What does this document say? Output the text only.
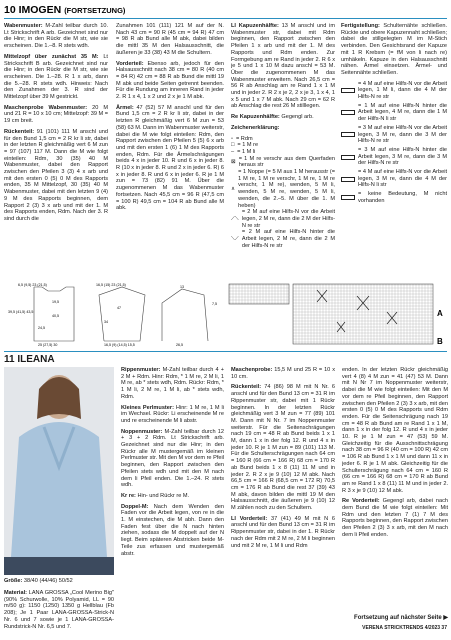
10 IMOGEN (FORTSETZUNG)

Wabenmuster: M-Zahl teilbar durch 10. Lt Strickschrift A arb. Gezeichnet sind nur die Hinr; in den Rückr die M str, wie sie erscheinen. Die 1.–8. R stets wdh.

Mittelzopf über zunächst 35 M: Lt Strickschrift B arb. Gezeichnet sind nur die Hinr; in den Rückr die M str, wie sie erscheinen. Die 1.–28. R 1 x arb, dann die 5.–28. R stets wdh. Hinweis: Nach den Zunahmen der 3. R sind der Mittelzopf über 39 M gestrickt.

Maschenprobe Wabenmuster: 20 M und 21 R = 10 x 10 cm; Mittelzopf: 39 M = 19 cm breit.

Rückenteil: 91 (101) 111 M anschl und für den Bund 1,5 cm = 2 R kr li str, dabei in der letzten R gleichmäßig vert 6 M zun = 97 (107) 117 M. Dann die M wie folgt einteilen: Rdm, 30 (35) 40 M Wabenmuster, dabei den Rapport zwischen den Pfeilen 3 (3) 4 x arb und mit den ersten 0 (5) 0 M des Rapports enden, 35 M Mittelzopf, 30 (35) 40 M Wabenmuster, dabei mit den letzten 9 (4) 9 M des Rapports beginnen, dem Rapport 2 (3) 3 x arb und mit der 1. M des Rapports enden, Rdm. Nach der 3. R sind durch die

Zunahmen 101 (111) 121 M auf der N. Nach 43 cm = 90 R (45 cm = 94 R) 47 cm = 98 R ab Bund alle M abk, dabei bilden die mittl 35 M den Halsausschnitt, die äußeren je 33 (38) 43 M die Schultern.

Vorderteil: Ebenso arb, jedoch für den Halsausschnitt nach 38 cm = 80 R (40 cm = 84 R) 42 cm = 88 R ab Bund die mittl 19 M abk und beide Seiten getrennt beenden. Für die Rundung am inneren Rand in jeder 2. R 1 x 4, 1 x 2 und 2 x je 1 M abk.

Ärmel: 47 (52) 57 M anschl und für den Bund 1,5 cm = 2 R kr li str, dabei in der letzten R gleichmäßig vert 6 M zun = 53 (58) 63 M. Dann im Wabenmuster weiterstr, dabei die M wie folgt einteilen: Rdm, den Rapport zwischen den Pfeilen 5 (5) 6 x arb und mit den ersten 1 (6) 1 M des Rapports enden, Rdm. Für die Ärmelschrägungen beids 4 x in jeder 10. R und 6 x in jeder 8. R (10 x in jeder 8. R und 2 x in jeder 6. R) 6 x in jeder 8. R und 6 x in jeder 6. R je 1 M zun = 73 (82) 91 M. Über die zugenommenen M das Wabenmuster fortsetzen. Nach 45,5 cm = 96 R (47,5 cm = 100 R) 49,5 cm = 104 R ab Bund alle M abk.

Ll Kapuzenhälfte: 13 M anschl und im Wabenmuster str, dabei mit Rdm beginnen, den Rapport zwischen den Pfeilen 1 x arb und mit der 1. M des Rapports und Rdm enden. Zur Formgebung am re Rand in jeder 2. R 6 x je 5 und 1 x 10 M dazu anschl = 53 M. Über die zugenommenen M das Wabenmuster erweitern. Nach 26,5 cm = 56 R ab Anschlag am re Rand 1 x 1 M und in jeder 2. R 2 x je 2, 2 x je 3, 1 x 4, 1 x 5 und 1 x 7 M abk. Nach 29 cm = 62 R ab Anschlag die rest 26 M stilllegen.

Re Kapuzenhälfte: Gegengl arb.

Zeichenerklärung:

▫ = Rdm
□ = 1 M re
– = 1 M li
⊠
= 1 M re verschr aus dem Querfaden heraus str
∧
= 1 Noppe (= 5 M aus 1 M herausstr (= 1 M re, 1 M re verschr, 1 M re, 1 M re verschr, 1 M re), wenden, 5 M li, wenden, 5 M re, wenden, 5 M li, wenden, die 2.–5. M über die 1. M heben)
⟋⟍
= 2 M auf eine Hilfs-N vor die Arbeit legen, 2 M re, dann die 2 M der Hilfs-N re str
⟍⟋
= 2 M auf eine Hilfs-N hinter die Arbeit legen, 2 M re, dann die 2 M der Hilfs-N re str

Fertigstellung: Schulternähte schließen. Rückte und obere Kapuzennaht schließen; dabei die stillgelegten M im M-Stich verbinden. Den Gesichtsrand der Kapuze mit 1 R Krebsm (= fM von li nach re) umhäkeln. Kapuze in den Halsausschnitt nähen. Ärmel einsetzen. Ärmel- und Seitennähte schließen.

= 4 M auf eine Hilfs-N vor die Arbeit legen, 1 M li, dann die 4 M der Hilfs-N re str
= 1 M auf eine Hilfs-N hinter die Arbeit legen, 4 M re, dann die 1 M der Hilfs-N li str
= 3 M auf eine Hilfs-N vor die Arbeit legen, 3 M re, dann die 3 M der Hilfs-N re str
= 3 M auf eine Hilfs-N hinter die Arbeit legen, 3 M re, dann die 3 M der Hilfs-N re str
= 4 M auf eine Hilfs-N vor die Arbeit legen, 3 M re, dann die 4 M der Hilfs-N li str
= keine Bedeutung, M nicht vorhanden
6,5 (9,5) 23 (21,5)	16,5 (15) 23 (21,5)
39,5 (41,5) 43,5
19,5
40,5
24,5
25 (27,5) 30
47
34
16,5 (9) (14,5) 15,5
13
7,5
26,5
A
B
11 ILEANA

Größe: 38/40 (44/46) 50/52

Material: LANA GROSSA „Cool Merino Big" (90% Schurwolle, 10% Polyamid, LL = 90 m/50 g): 1150 (1250) 1350 g Hellblau (Fb 208); Je 1 Paar LANA-GROSSA-Strick-N Nr. 6 und 7 sowie je 1 LANA-GROSSA-Rundstrick-N Nr. 6,5 und 7.

Rippenmuster: M-Zahl teilbar durch 4 + 2 M + Rdm. Hinr: Rdm, * 1 M re, 2 M li, 1 M re, ab * stets wdh, Rdm. Rückr: Rdm, * 1 M li, 2 M re, 1 M li, ab * stets wdh, Rdm.

Kleines Perlmuster: Hinr: 1 M re, 1 M li im Wechsel. Rückr: Li erscheinende M re und re erscheinende M li abstr.

Noppenmuster: M-Zahl teilbar durch 12 + 3 + 2 Rdm. Lt Strickschrift arb. Gezeichnet sind nur die Hinr; in den Rückr alle M mustergemäß im kleinen Perlmuster str. Mit den M vor dem re Pfeil beginnen, den Rapport zwischen den Pfeilen stets wdh und mit den M nach dem li Pfeil enden. Die 1.–24. R stets wdh.

Kr re: Hin- und Rückr re M.

Doppel-M: Nach dem Wenden den Faden vor die Arbeit legen, von re in die 1. M einstechen, die M abh. Dann den Faden fest über die N nach hinten ziehen, sodass die M doppelt auf der N liegt. Beim späteren Abstricken beide M-Teile zus erfassen und mustergemäß abstr.

Maschenprobe: 15,5 M und 25 R = 10 x 10 cm.

Rückenteil: 74 (86) 98 M mit N Nr. 6 anschl und für den Bund 13 cm = 31 R im Rippenmuster str, dabei mit 1 Rückr beginnen. In der letzten Rückr gleichmäßig vert 3 M zun = 77 (89) 101 M. Dann mit N Nr. 7 im Noppenmuster weiterstr. Für die Seitenschrägungen nach 19 cm = 48 R ab Bund beids 1 x 1 M, dann 1 x in der folg 12. R und 4 x in jeder 10. R je 1 M zun = 89 (101) 113 M. Für die Schulterschrägungen nach 64 cm = 160 R (66 cm = 166 R) 68 cm = 170 R ab Bund beids 1 x 8 (11) 11 M und in jeder 2. R 2 x je 9 (10) 12 M abk. Nach 66,5 cm = 166 R (68,5 cm = 172 R) 70,5 cm = 176 R ab Bund die rest 37 (39) 43 M abk, davon bilden die mittl 19 M den Halsausschnitt, die äußeren je 9 (10) 12 M zählen noch zu den Schultern.

Ll Vorderteil: 37 (41) 49 M mit N 6 anschl und für den Bund 13 cm = 31 R im Rippenmuster str, dabei in der 1. R Rückr nach der Rdm mit 2 M re, 2 M li beginnen und mit 2 M re, 1 M li und Rdm

enden. In der letzten Rückr gleichmäßig vert 4 (8) 4 M zun = 41 (47) 53 M. Dann mit N Nr 7 im Noppenmuster weiterstr, dabei die M wie folgt einteilen: Mit den M vor dem re Pfeil beginnen, den Rapport zwischen den Pfeilen 2 (3) 3 x arb, mit den ersten 0 (5) 0 M des Rapports und Rdm enden. Für die Seitenschrägung nach 19 cm = 48 R ab Bund am re Rand 1 x 1 M, dann 1 x in der folg 12. R und 4 x in jeder 10. R je 1 M zun = 47 (53) 59 M. Gleichzeitig für die Ausschnittschrägung nach 38 cm = 96 R (40 cm = 100 R) 42 cm = 106 R ab Bund 1 x 1 M und dann 11 x in jeder 6. R je 1 M abk. Gleichzeitig für die Schulterschrägung nach 64 cm = 160 R (66 cm = 166 R) 68 cm = 170 R ab Bund am re Rand 1 x 8 (11) 11 M und in jeder 2. R 3 x je 9 (10) 12 M abk.

Re Vorderteil: Gegengl arb, dabei nach dem Bund die M wie folgt einteilen: Mit Rdm und den letzten 7 (1) 7 M des Rapports beginnen, den Rapport zwischen den Pfeilen 2 (3) 3 x arb, mit den M nach dem li Pfeil enden.

Fortsetzung auf nächster Seite ▶
VERENA STRICKTRENDS 4/2023 37
